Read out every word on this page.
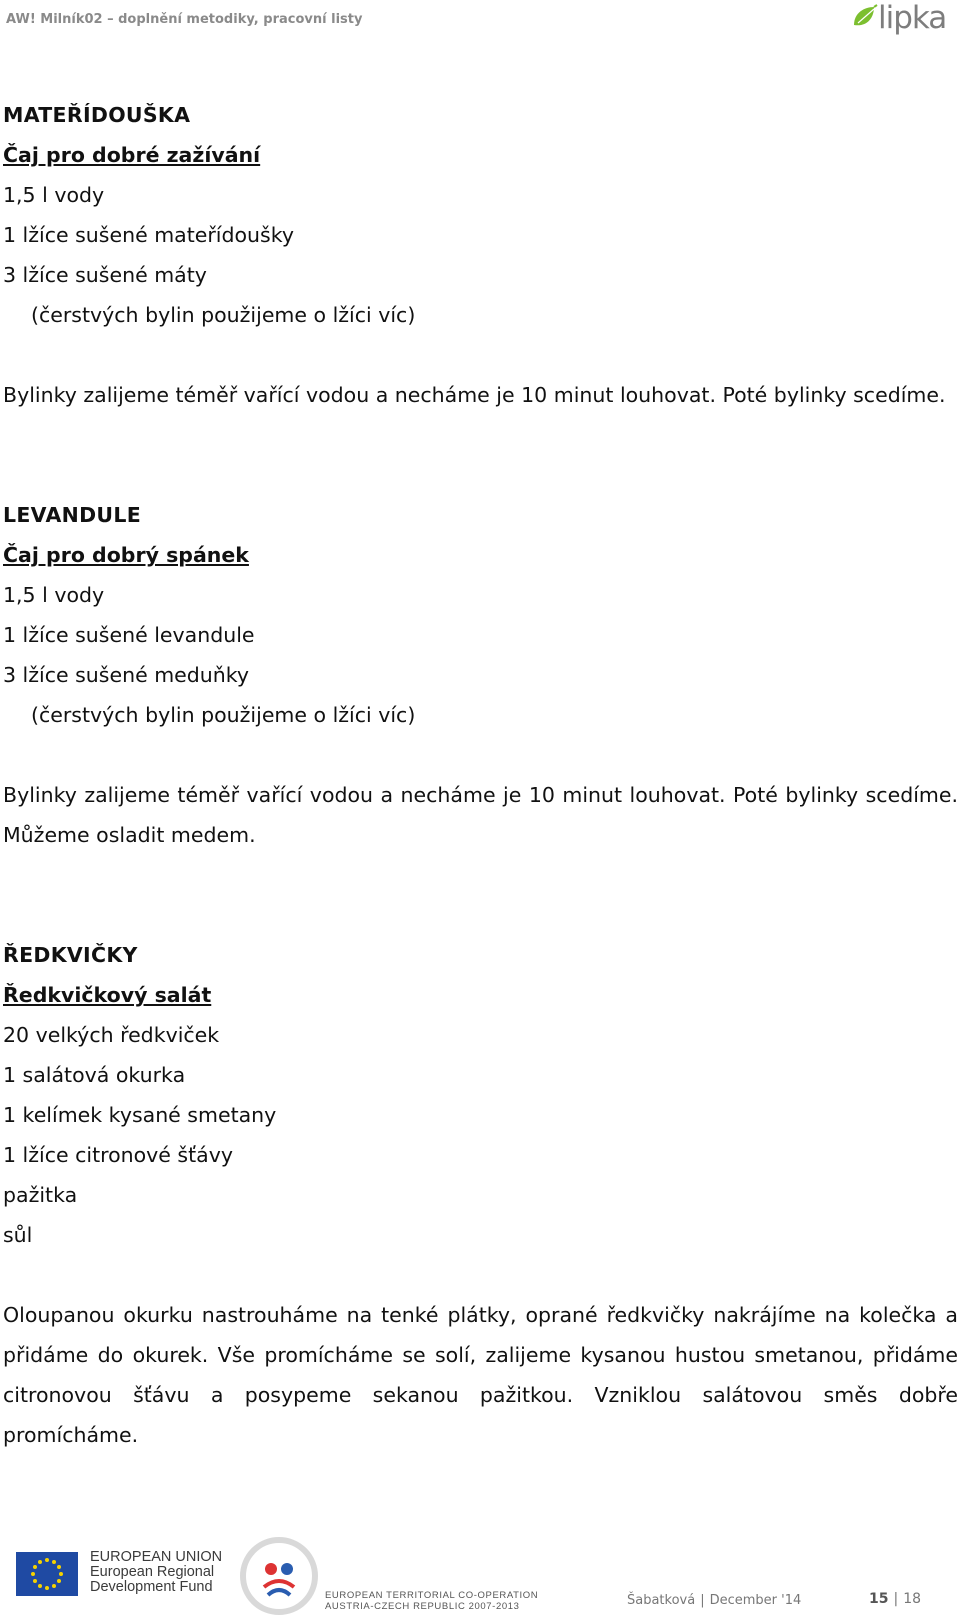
AW! Milník02 – doplnění metodiky, pracovní listy	lipka
MATEŘÍDOUŠKA
Čaj pro dobré zažívání
1,5 l vody
1 lžíce sušené mateřídoušky
3 lžíce sušené máty
(čerstvých bylin použijeme o lžíci víc)
Bylinky zalijeme téměř vařící vodou a necháme je 10 minut louhovat. Poté bylinky scedíme.
LEVANDULE
Čaj pro dobrý spánek
1,5 l vody
1 lžíce sušené levandule
3 lžíce sušené meduňky
(čerstvých bylin použijeme o lžíci víc)
Bylinky zalijeme téměř vařící vodou a necháme je 10 minut louhovat. Poté bylinky scedíme. Můžeme osladit medem.
ŘEDKVIČKY
Ředkvičkový salát
20 velkých ředkviček
1 salátová okurka
1 kelímek kysané smetany
1 lžíce citronové šťávy
pažitka
sůl
Oloupanou okurku nastrouháme na tenké plátky, oprané ředkvičky nakrájíme na kolečka a přidáme do okurek. Vše promícháme se solí, zalijeme kysanou hustou smetanou, přidáme citronovou šťávu a posypeme sekanou pažitkou. Vzniklou salátovou směs dobře promícháme.
EUROPEAN UNION
European Regional
Development Fund
EUROPEAN TERRITORIAL CO-OPERATION
AUSTRIA-CZECH REPUBLIC 2007-2013	Šabatková | December '14	15 | 18
